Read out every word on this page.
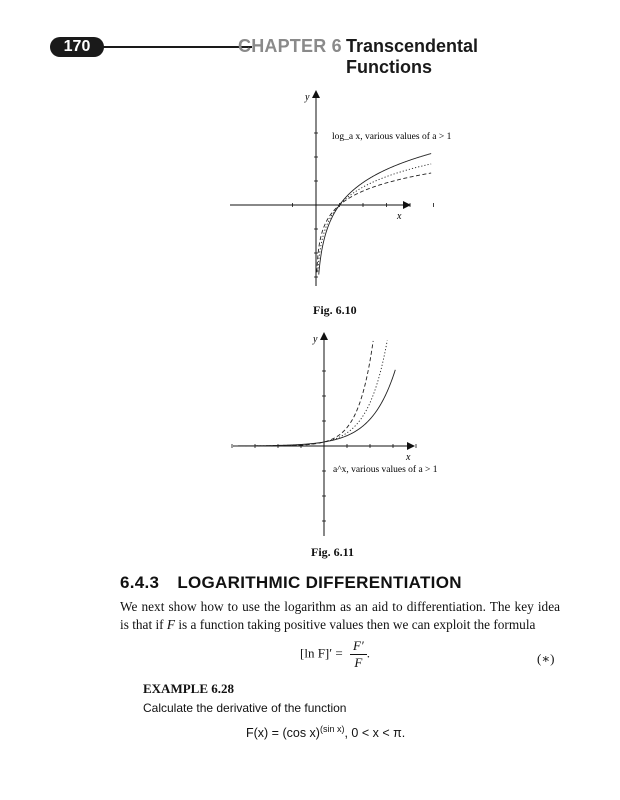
170	CHAPTER 6 Transcendental Functions
y
x
log_a x, various values of a > 1
y
x
a^x, various values of a > 1
Fig. 6.10
Fig. 6.11
6.4.3 LOGARITHMIC DIFFERENTIATION
We next show how to use the logarithm as an aid to differentiation. The key idea is that if F is a function taking positive values then we can exploit the formula
[ln $F]' = \frac{F'}{F}$ .	(∗)
EXAMPLE 6.28
Calculate the derivative of the function
F(x) = (cos x)$^{(sin x)}$, 0 < x < π.
